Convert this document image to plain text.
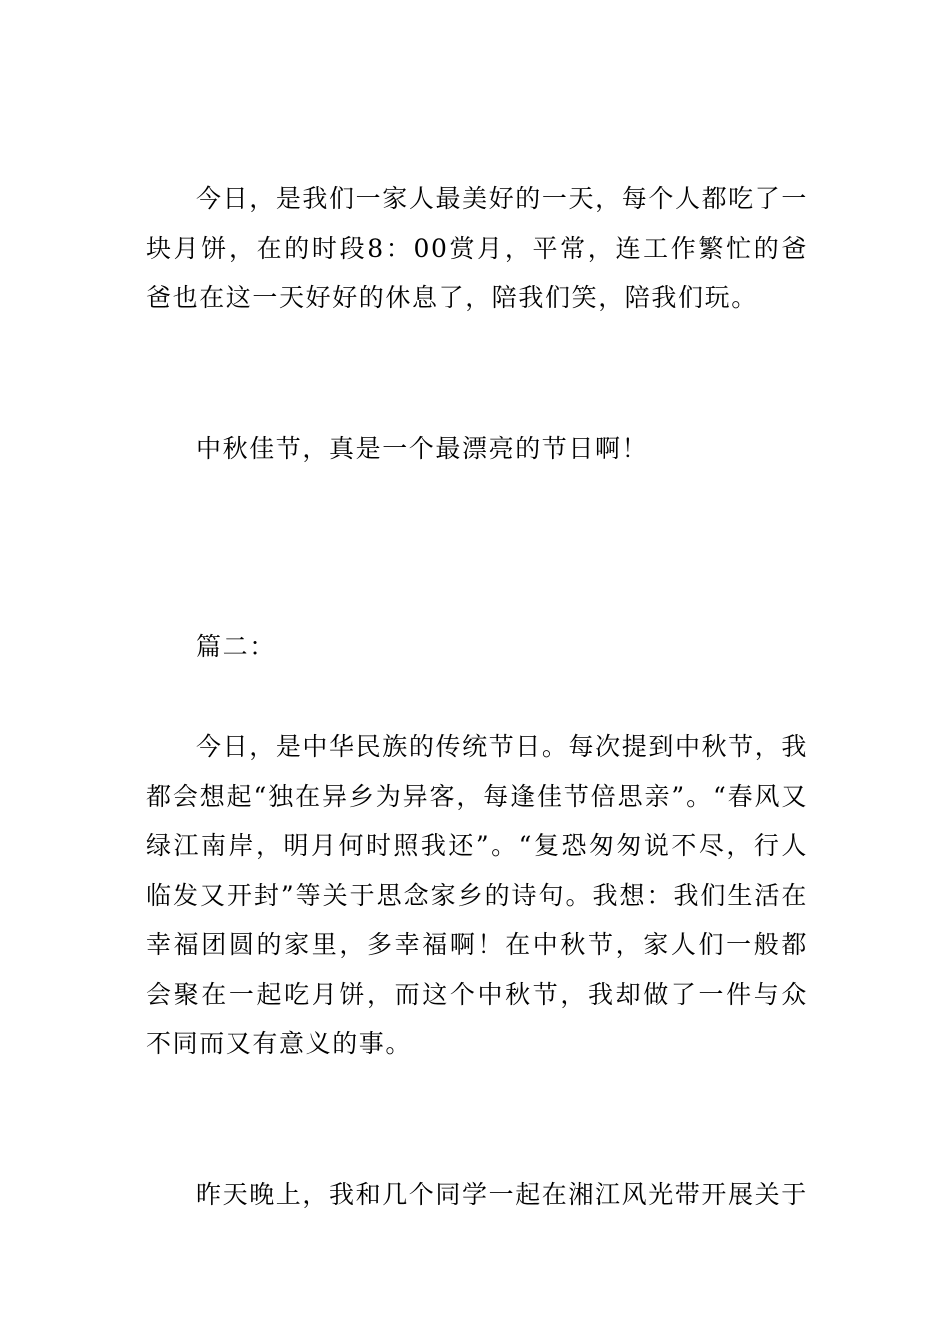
今日，是我们一家人最美好的一天，每个人都吃了一块月饼，在的时段8：00赏月，平常，连工作繁忙的爸爸也在这一天好好的休息了，陪我们笑，陪我们玩。

中秋佳节，真是一个最漂亮的节日啊！

篇二：

今日，是中华民族的传统节日。每次提到中秋节，我都会想起“独在异乡为异客，每逢佳节倍思亲”。“春风又绿江南岸，明月何时照我还”。“复恐匆匆说不尽，行人临发又开封”等关于思念家乡的诗句。我想：我们生活在幸福团圆的家里，多幸福啊！在中秋节，家人们一般都会聚在一起吃月饼，而这个中秋节，我却做了一件与众不同而又有意义的事。

昨天晚上，我和几个同学一起在湘江风光带开展关于
